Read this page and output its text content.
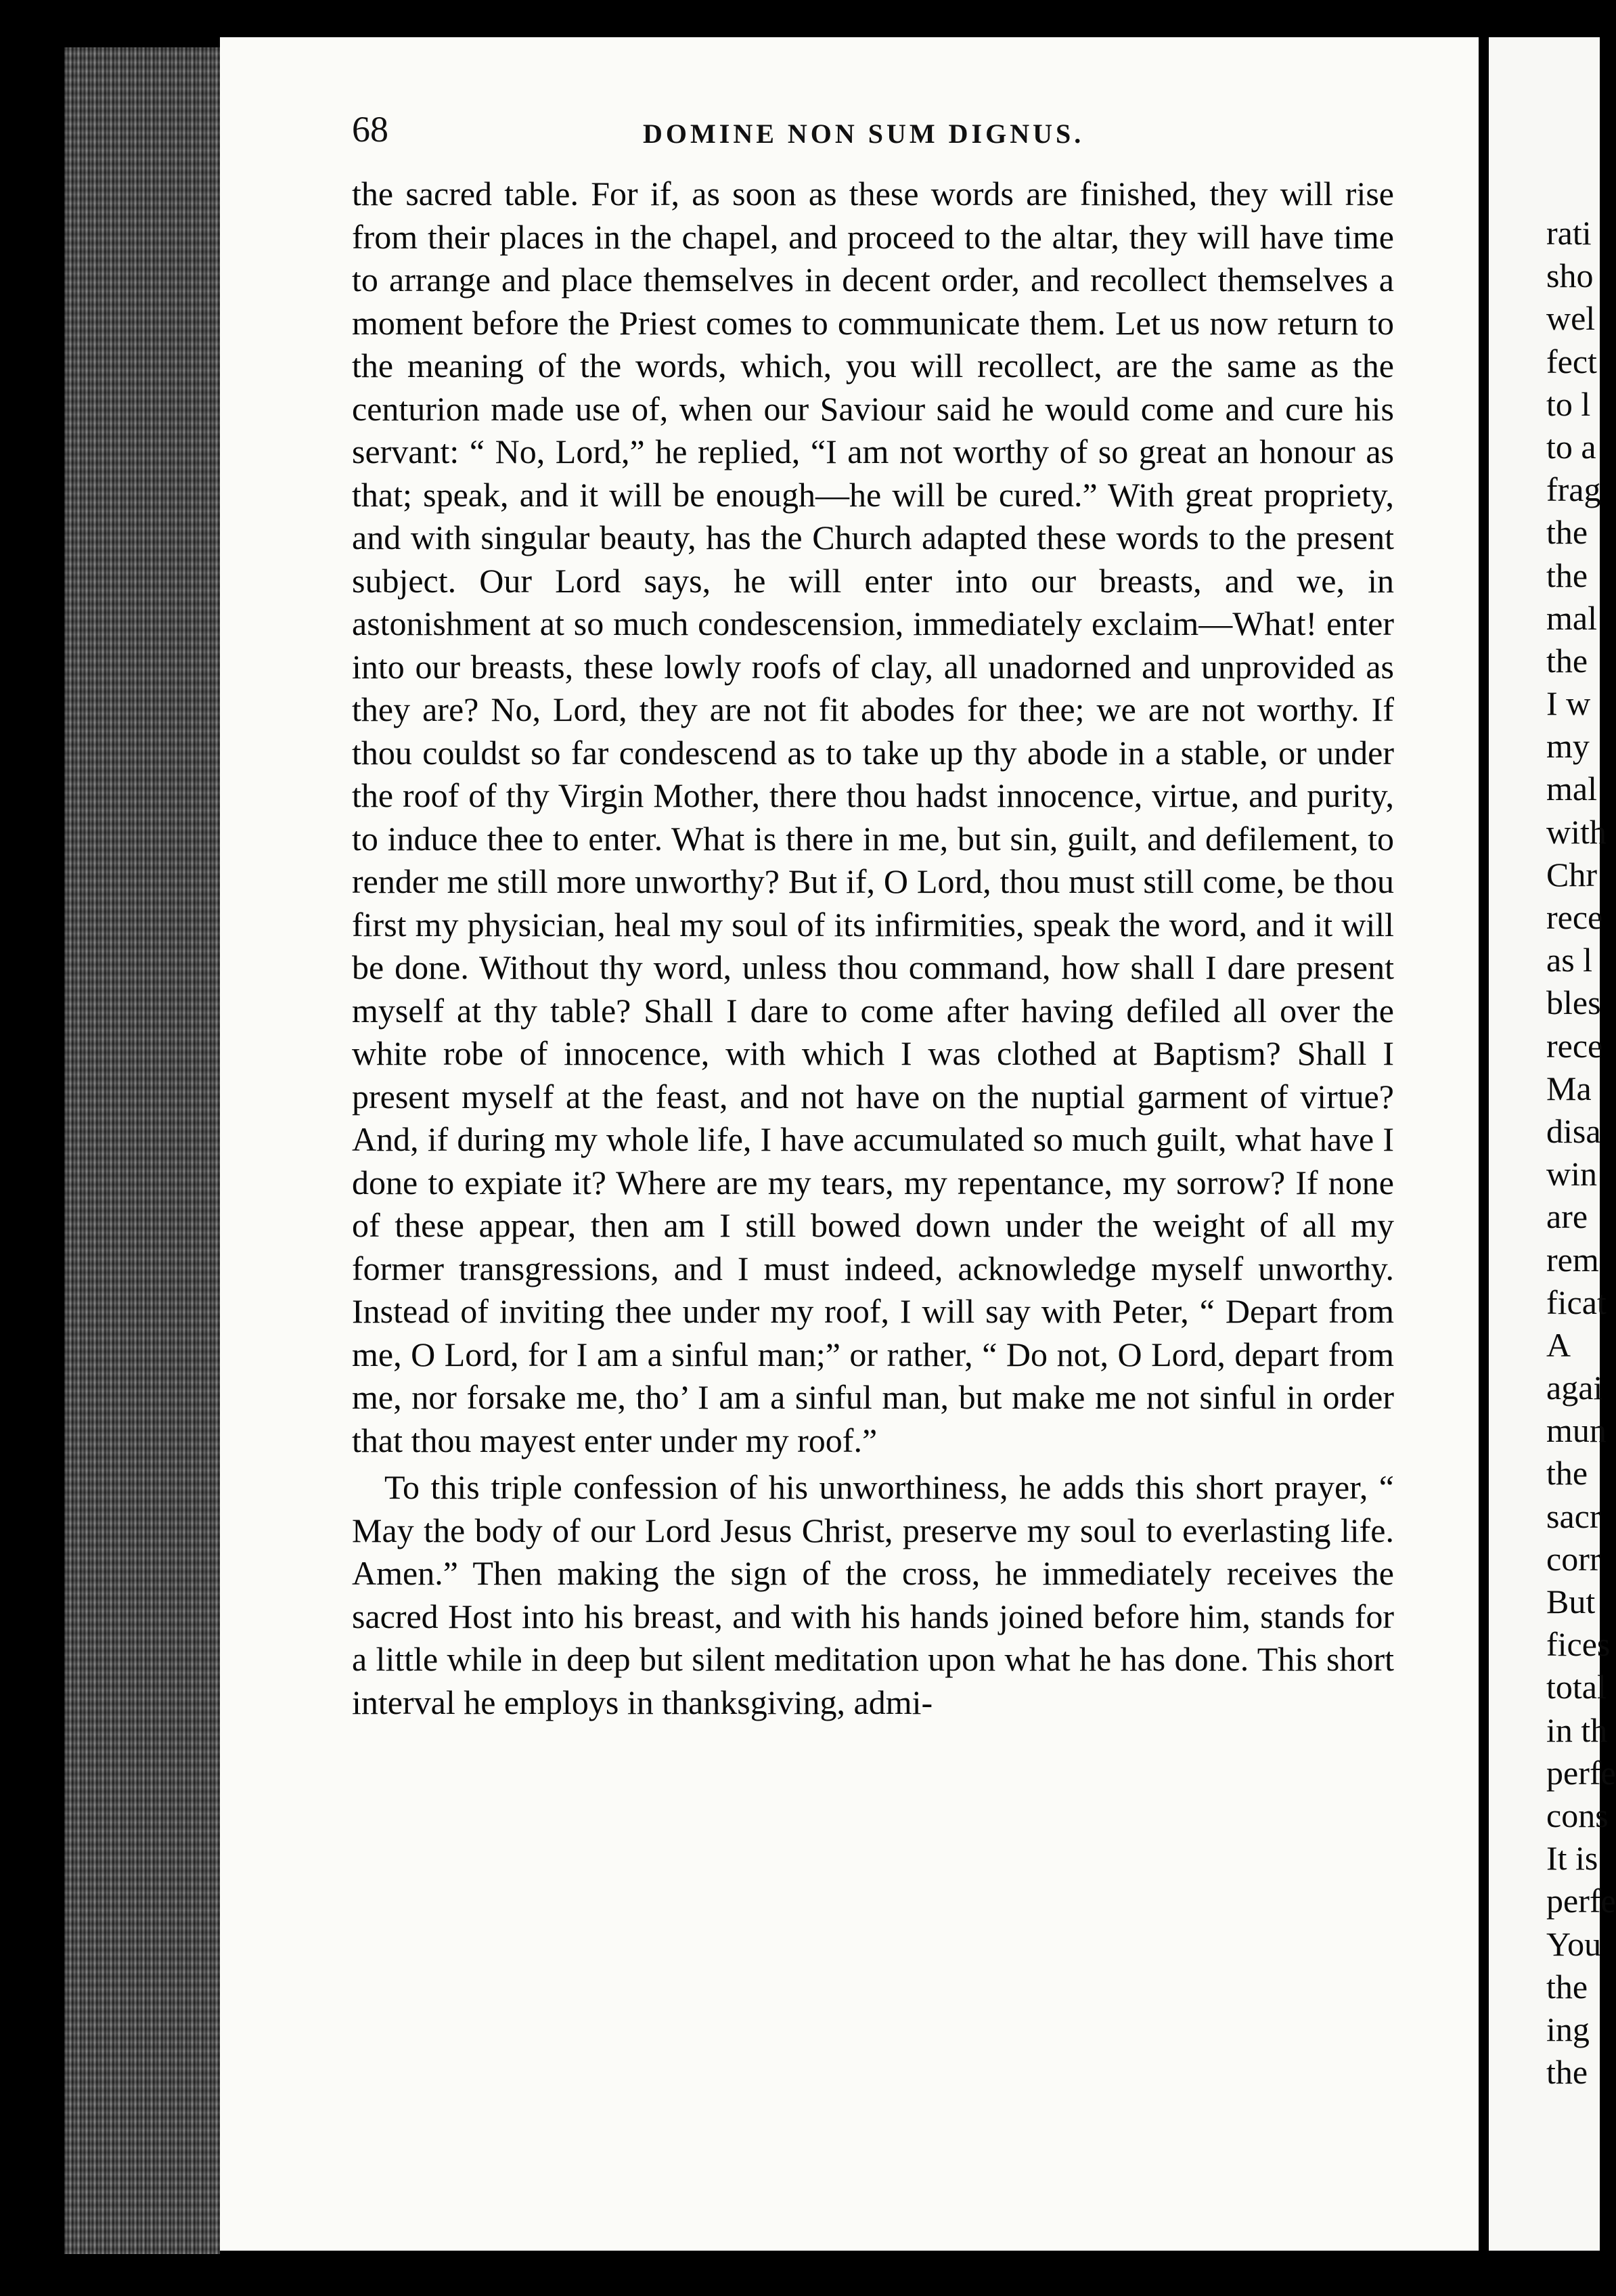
68	DOMINE NON SUM DIGNUS.

the sacred table. For if, as soon as these words are finished, they will rise from their places in the chapel, and proceed to the altar, they will have time to arrange and place themselves in decent order, and recollect themselves a moment before the Priest comes to communicate them. Let us now return to the meaning of the words, which, you will recollect, are the same as the centurion made use of, when our Saviour said he would come and cure his servant: “ No, Lord,” he replied, “I am not worthy of so great an honour as that; speak, and it will be enough—he will be cured.” With great propriety, and with singular beauty, has the Church adapted these words to the present subject. Our Lord says, he will enter into our breasts, and we, in astonishment at so much condescension, immediately exclaim—What! enter into our breasts, these lowly roofs of clay, all unadorned and unprovided as they are? No, Lord, they are not fit abodes for thee; we are not worthy. If thou couldst so far condescend as to take up thy abode in a stable, or under the roof of thy Virgin Mother, there thou hadst innocence, virtue, and purity, to induce thee to enter. What is there in me, but sin, guilt, and defilement, to render me still more unworthy? But if, O Lord, thou must still come, be thou first my physician, heal my soul of its infirmities, speak the word, and it will be done. Without thy word, unless thou command, how shall I dare present myself at thy table? Shall I dare to come after having defiled all over the white robe of innocence, with which I was clothed at Baptism? Shall I present myself at the feast, and not have on the nuptial garment of virtue? And, if during my whole life, I have accumulated so much guilt, what have I done to expiate it? Where are my tears, my repentance, my sorrow? If none of these appear, then am I still bowed down under the weight of all my former transgressions, and I must indeed, acknowledge myself unworthy. Instead of inviting thee under my roof, I will say with Peter, “ Depart from me, O Lord, for I am a sinful man;” or rather, “ Do not, O Lord, depart from me, nor forsake me, tho’ I am a sinful man, but make me not sinful in order that thou mayest enter under my roof.”

To this triple confession of his unworthiness, he adds this short prayer, “ May the body of our Lord Jesus Christ, preserve my soul to everlasting life. Amen.” Then making the sign of the cross, he immediately receives the sacred Host into his breast, and with his hands joined before him, stands for a little while in deep but silent meditation upon what he has done. This short interval he employs in thanksgiving, admi-

rati
sho
wel
fect
to l
to a
frag
the
the
mal
the
I w
my
mal
with
Chr
rece
as l
bles
rece
Ma
disa
win
are
rem
ficat
A
agai
mun
the
sacr
corr
But
fices
total
in th
perfe
cons
It is
perfe
You
the
ing
the
